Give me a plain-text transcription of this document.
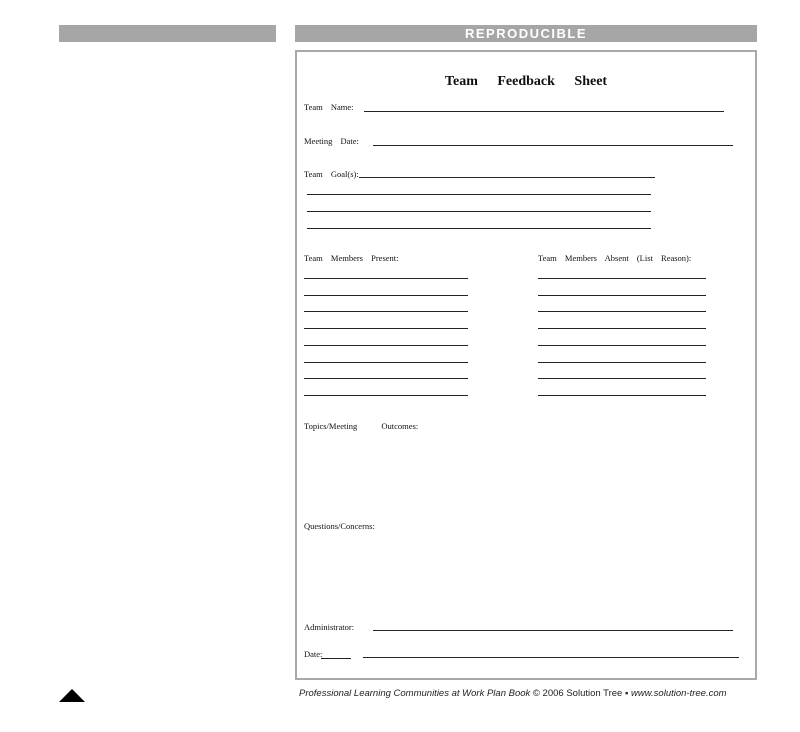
REPRODUCIBLE
Team Feedback Sheet
Team Name:
Meeting Date:
Team Goal(s):
Team Members Present:	Team Members Absent (List Reason):
Topics/Meeting Outcomes:
Questions/Concerns:
Administrator:
Date:
Professional Learning Communities at Work Plan Book © 2006 Solution Tree ▪ www.solution-tree.com
